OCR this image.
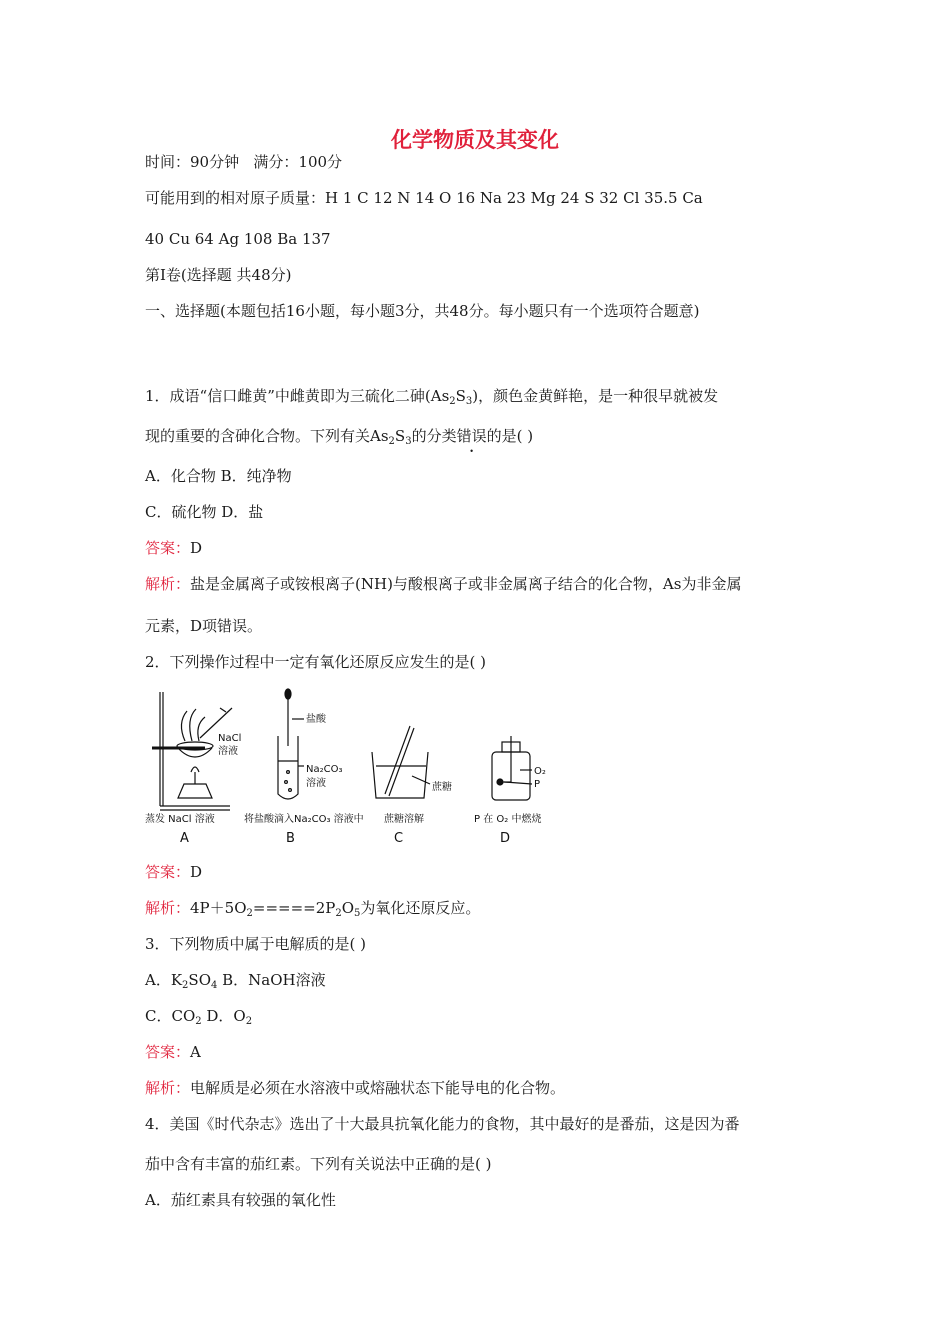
化学物质及其变化
时间：90分钟 满分：100分
可能用到的相对原子质量：H 1 C 12 N 14 O 16 Na 23 Mg 24 S 32 Cl 35.5 Ca
40 Cu 64 Ag 108 Ba 137
第Ⅰ卷(选择题 共48分)
一、选择题(本题包括16小题，每小题3分，共48分。每小题只有一个选项符合题意)
1．成语“信口雌黄”中雌黄即为三硫化二砷$(As_2S_3)$，颜色金黄鲜艳，是一种很早就被发
现的重要的含砷化合物。下列有关$As_2S_3$的分类错误的是( )
A．化合物 B．纯净物
C．硫化物 D．盐
答案：D
解析：盐是金属离子或铵根离子(NH)与酸根离子或非金属离子结合的化合物，As为非金属
元素，D项错误。
2．下列操作过程中一定有氧化还原反应发生的是( )
NaCl
溶液
蒸发 NaCl 溶液
盐酸
Na₂CO₃
溶液
将盐酸滴入Na₂CO₃ 溶液中
蔗糖
蔗糖溶解
O₂
P
P 在 O₂ 中燃烧
A	B	C	D
答案：D
解析：$4P+5O_2=====2P_2O_5$为氧化还原反应。
3．下列物质中属于电解质的是( )
A．$K_2SO_4$ B．NaOH溶液
C．$CO_2$ D．$O_2$
答案：A
解析：电解质是必须在水溶液中或熔融状态下能导电的化合物。
4．美国《时代杂志》选出了十大最具抗氧化能力的食物，其中最好的是番茄，这是因为番
茄中含有丰富的茄红素。下列有关说法中正确的是( )
A．茄红素具有较强的氧化性
